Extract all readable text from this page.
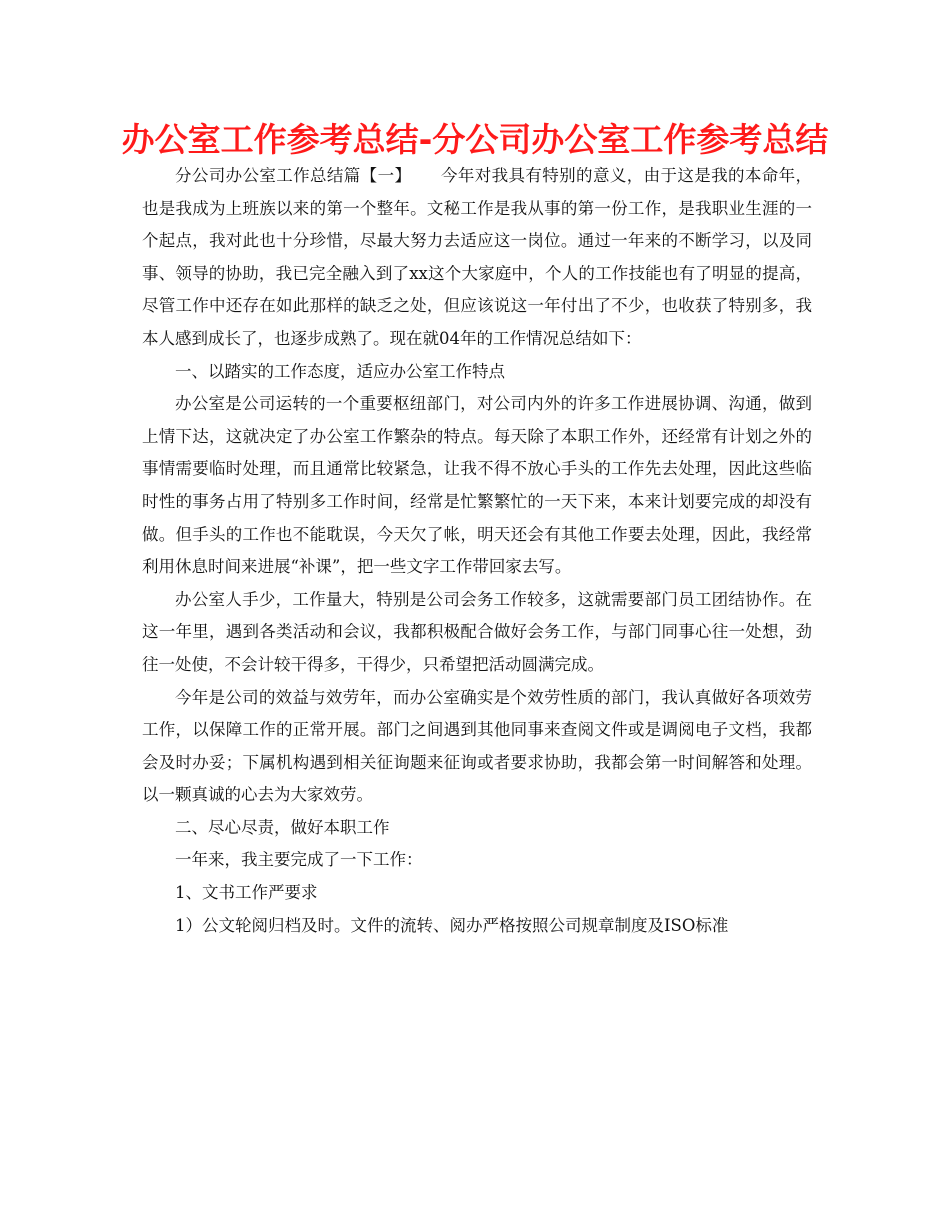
办公室工作参考总结-分公司办公室工作参考总结

分公司办公室工作总结篇【一】 今年对我具有特别的意义，由于这是我的本命年，也是我成为上班族以来的第一个整年。文秘工作是我从事的第一份工作，是我职业生涯的一个起点，我对此也十分珍惜，尽最大努力去适应这一岗位。通过一年来的不断学习，以及同事、领导的协助，我已完全融入到了xx这个大家庭中，个人的工作技能也有了明显的提高，尽管工作中还存在如此那样的缺乏之处，但应该说这一年付出了不少，也收获了特别多，我本人感到成长了，也逐步成熟了。现在就04年的工作情况总结如下：

一、以踏实的工作态度，适应办公室工作特点

办公室是公司运转的一个重要枢纽部门，对公司内外的许多工作进展协调、沟通，做到上情下达，这就决定了办公室工作繁杂的特点。每天除了本职工作外，还经常有计划之外的事情需要临时处理，而且通常比较紧急，让我不得不放心手头的工作先去处理，因此这些临时性的事务占用了特别多工作时间，经常是忙繁繁忙的一天下来，本来计划要完成的却没有做。但手头的工作也不能耽误，今天欠了帐，明天还会有其他工作要去处理，因此，我经常利用休息时间来进展“补课”，把一些文字工作带回家去写。

办公室人手少，工作量大，特别是公司会务工作较多，这就需要部门员工团结协作。在这一年里，遇到各类活动和会议，我都积极配合做好会务工作，与部门同事心往一处想，劲往一处使，不会计较干得多，干得少，只希望把活动圆满完成。

今年是公司的效益与效劳年，而办公室确实是个效劳性质的部门，我认真做好各项效劳工作，以保障工作的正常开展。部门之间遇到其他同事来查阅文件或是调阅电子文档，我都会及时办妥；下属机构遇到相关征询题来征询或者要求协助，我都会第一时间解答和处理。以一颗真诚的心去为大家效劳。

二、尽心尽责，做好本职工作

一年来，我主要完成了一下工作：

1、文书工作严要求

1）公文轮阅归档及时。文件的流转、阅办严格按照公司规章制度及ISO标准
